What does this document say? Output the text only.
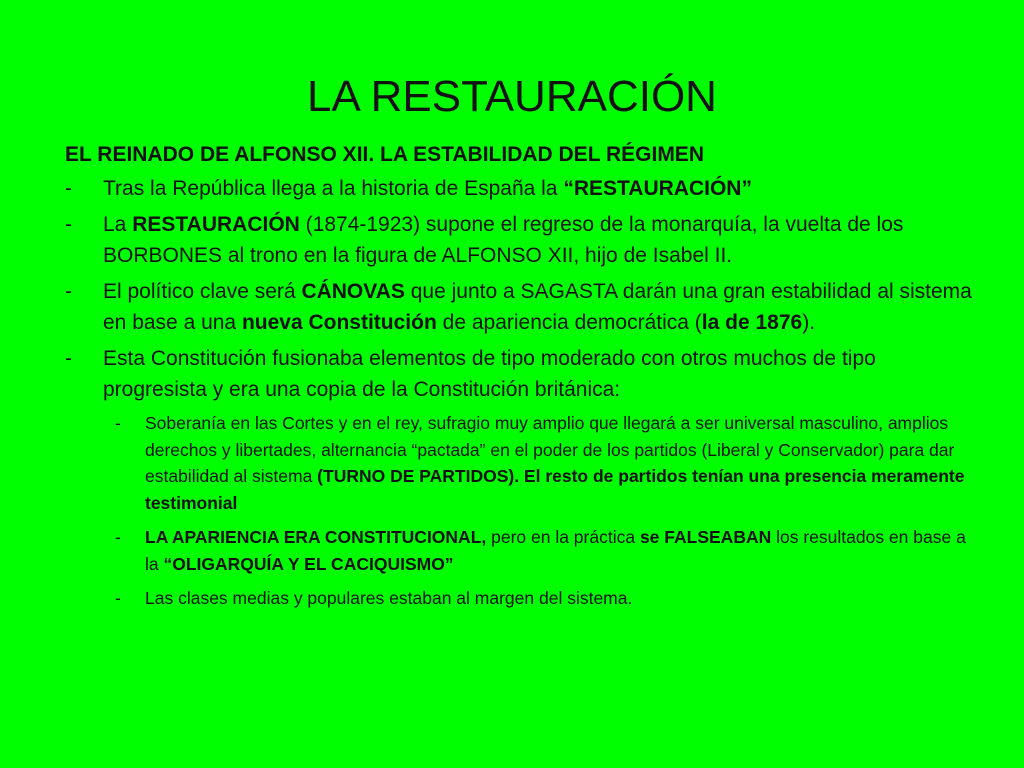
LA RESTAURACIÓN

EL REINADO DE ALFONSO XII. LA ESTABILIDAD DEL RÉGIMEN

- Tras la República llega a la historia de España la “RESTAURACIÓN”
- La RESTAURACIÓN (1874-1923) supone el regreso de la monarquía, la vuelta de los BORBONES al trono en la figura de ALFONSO XII, hijo de Isabel II.
- El político clave será CÁNOVAS que junto a SAGASTA darán una gran estabilidad al sistema en base a una nueva Constitución de apariencia democrática (la de 1876).
- Esta Constitución fusionaba elementos de tipo moderado con otros muchos de tipo progresista y era una copia de la Constitución británica:
- Soberanía en las Cortes y en el rey, sufragio muy amplio que llegará a ser universal masculino, amplios derechos y libertades, alternancia “pactada” en el poder de los partidos (Liberal y Conservador) para dar estabilidad al sistema (TURNO DE PARTIDOS). El resto de partidos tenían una presencia meramente testimonial
- LA APARIENCIA ERA CONSTITUCIONAL, pero en la práctica se FALSEABAN los resultados en base a la “OLIGARQUÍA Y EL CACIQUISMO”
- Las clases medias y populares estaban al margen del sistema.
